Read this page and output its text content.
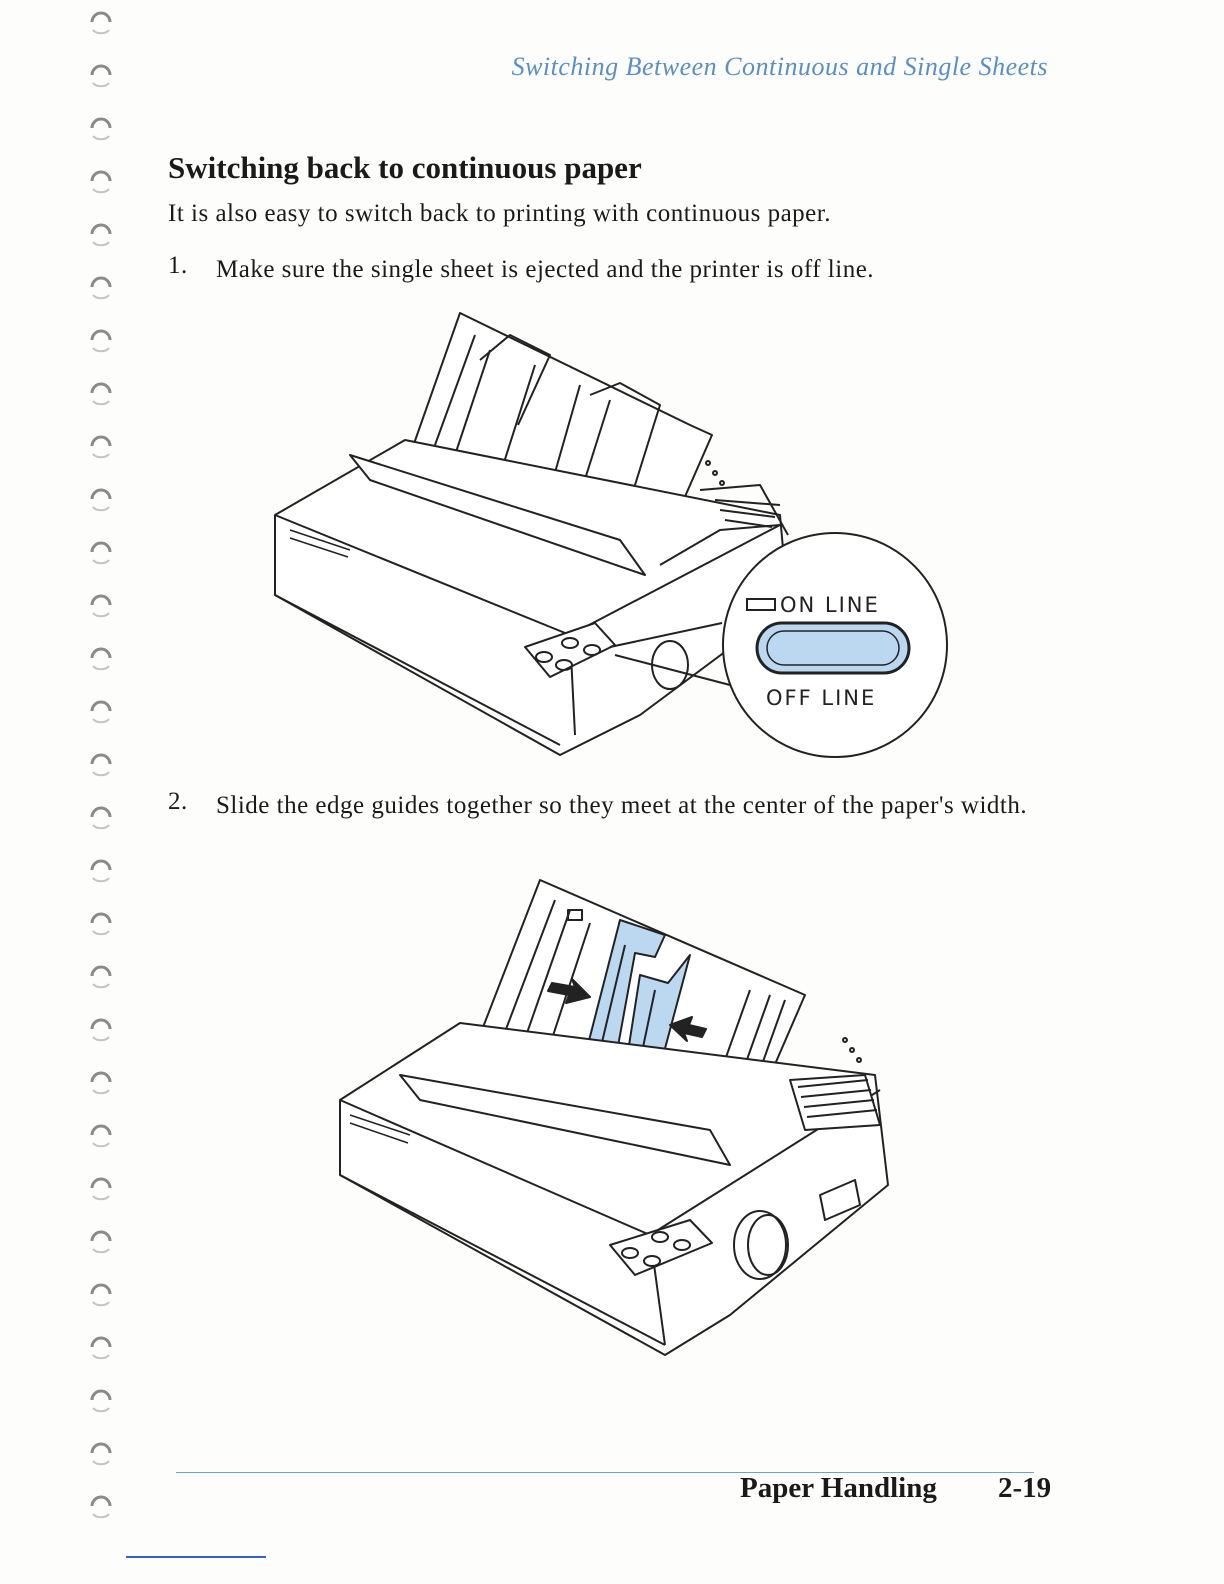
Switching Between Continuous and Single Sheets
Switching back to continuous paper

It is also easy to switch back to printing with continuous paper.

1.	Make sure the single sheet is ejected and the printer is off line.
ON LINE
OFF LINE
2.	Slide the edge guides together so they meet at the center of the paper's width.
Paper Handling 2-19
